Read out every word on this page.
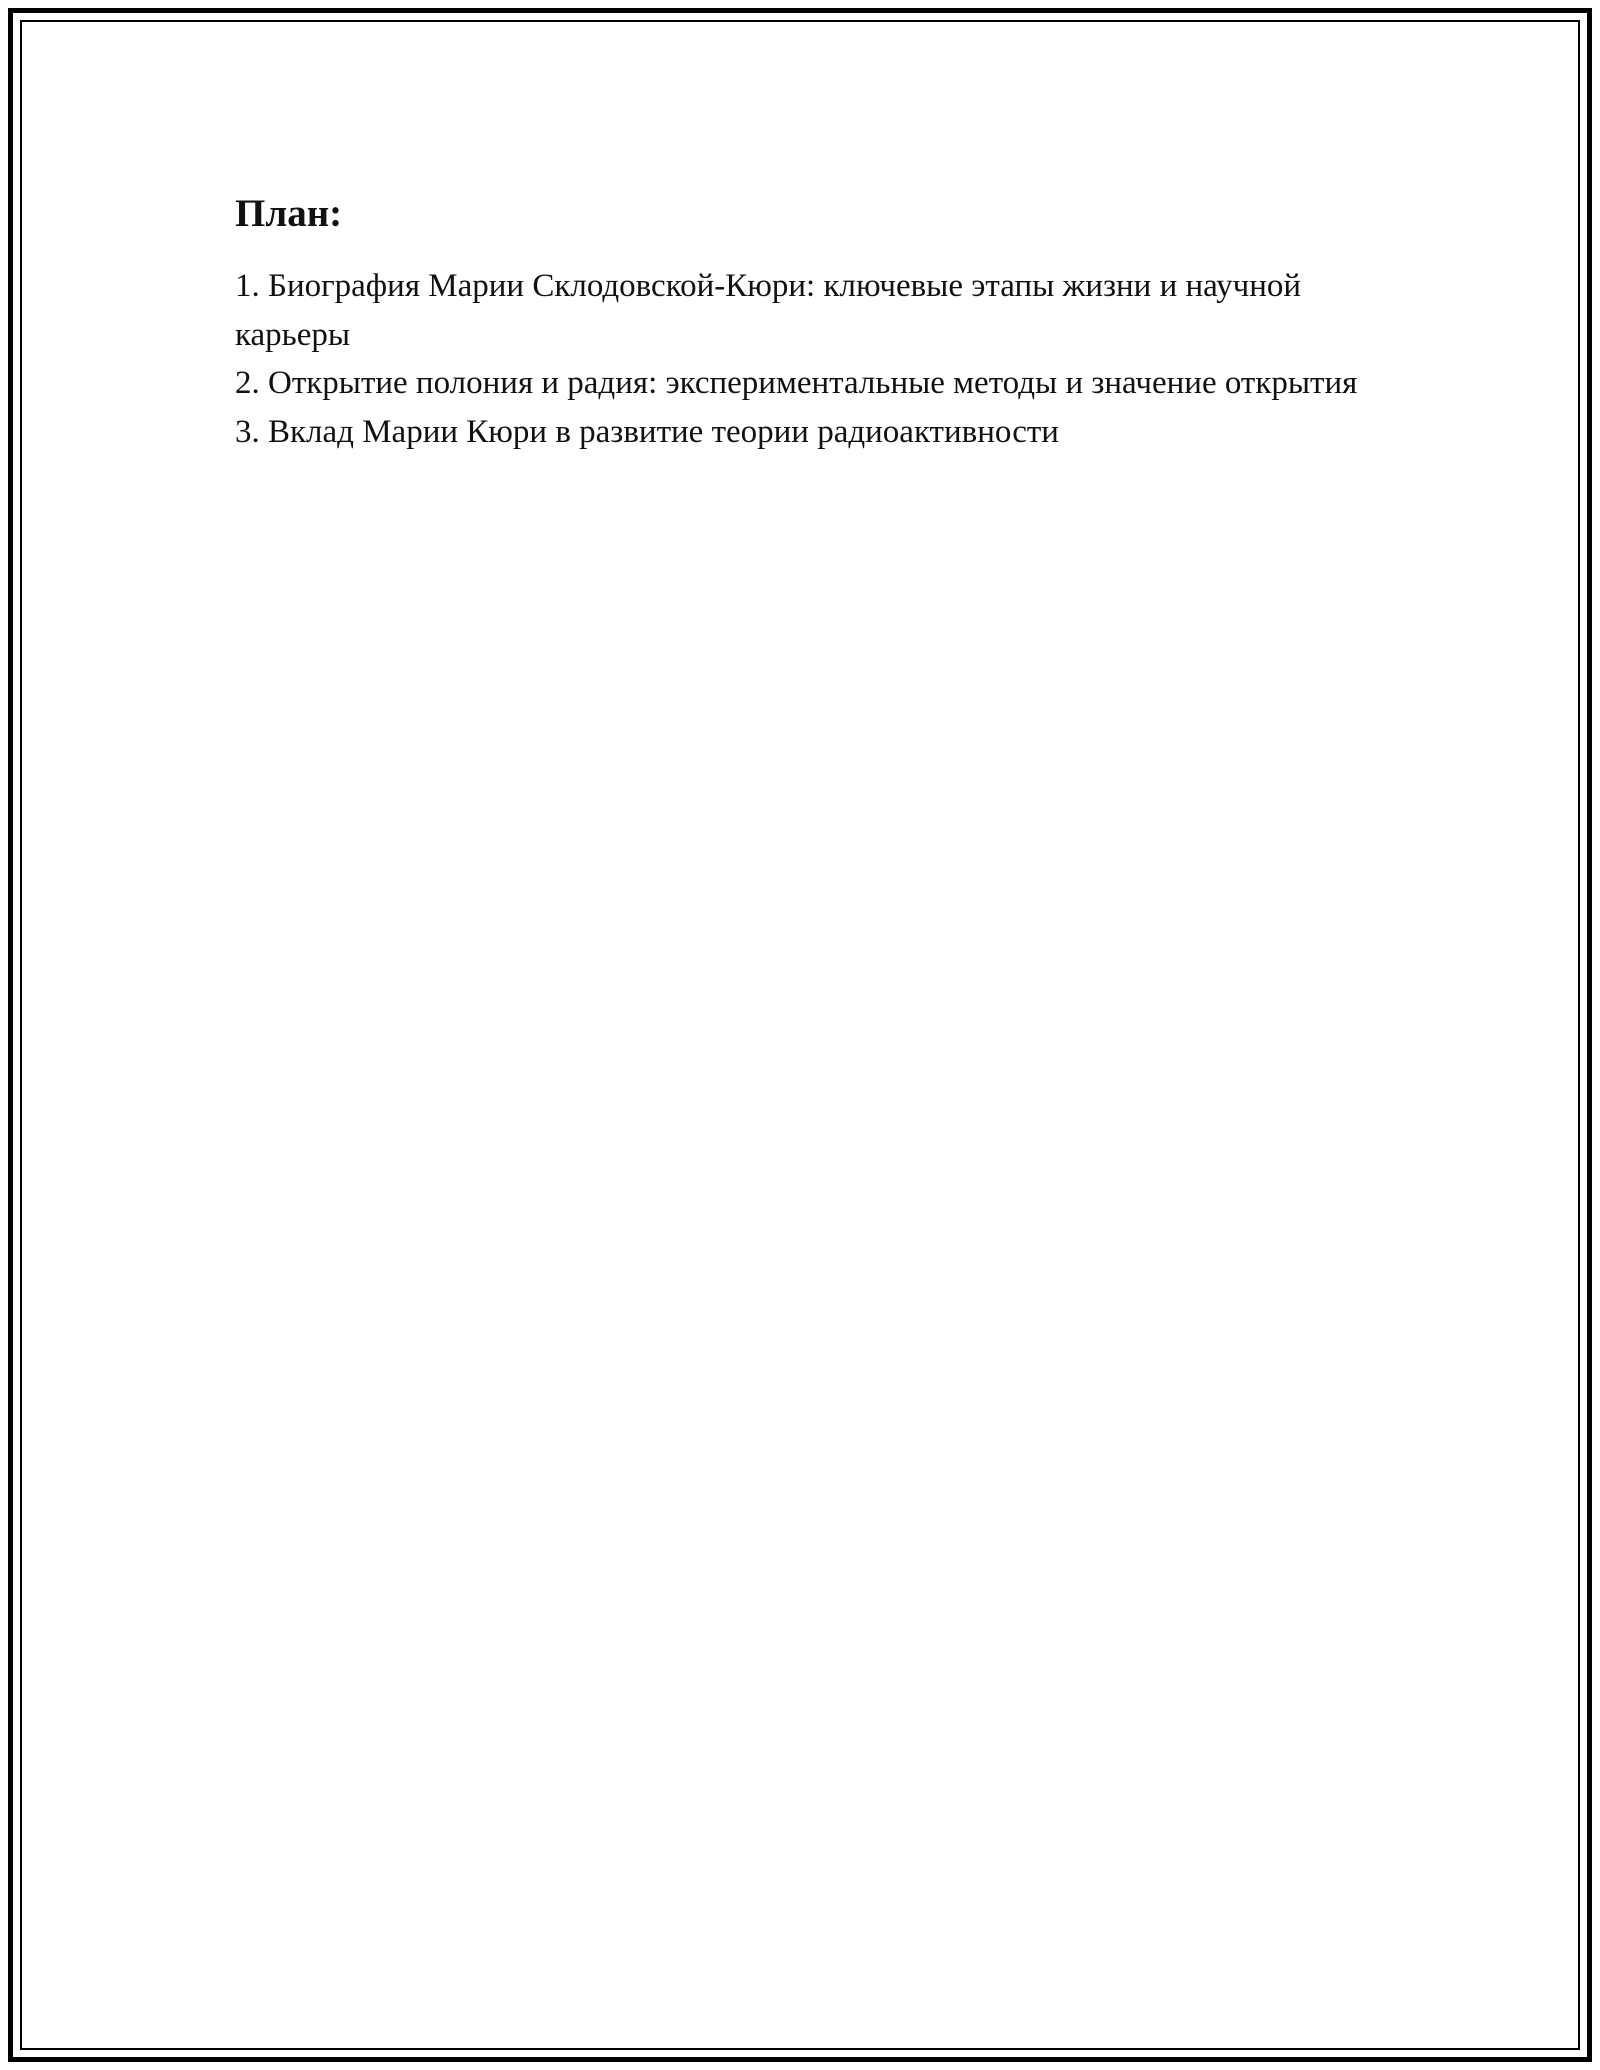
План:
1. Биография Марии Склодовской-Кюри: ключевые этапы жизни и научной карьеры
2. Открытие полония и радия: экспериментальные методы и значение открытия
3. Вклад Марии Кюри в развитие теории радиоактивности
